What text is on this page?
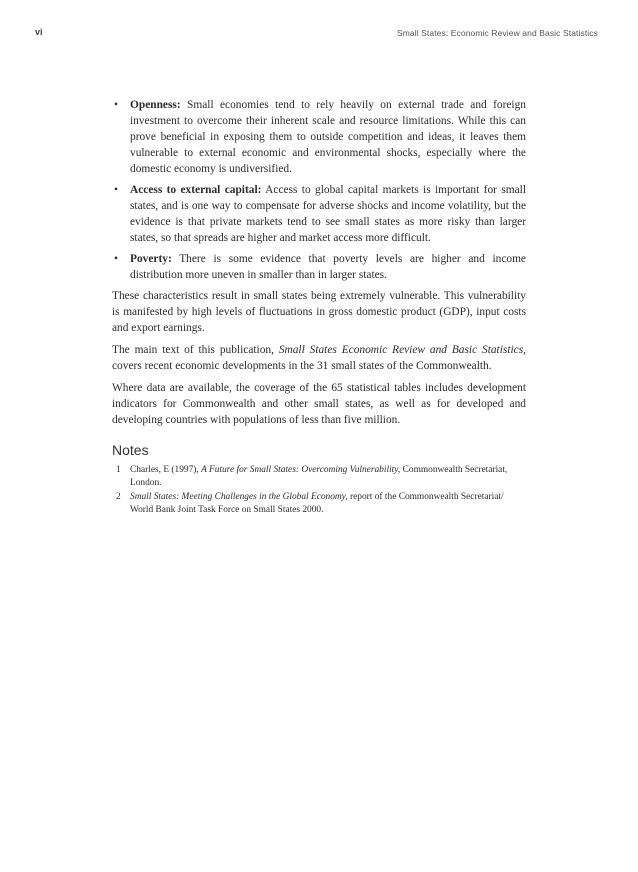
vi	Small States: Economic Review and Basic Statistics
• Openness: Small economies tend to rely heavily on external trade and foreign investment to overcome their inherent scale and resource limitations. While this can prove beneficial in exposing them to outside competition and ideas, it leaves them vulnerable to external economic and environmental shocks, especially where the domestic economy is undiversified.
• Access to external capital: Access to global capital markets is important for small states, and is one way to compensate for adverse shocks and income volatility, but the evidence is that private markets tend to see small states as more risky than larger states, so that spreads are higher and market access more difficult.
• Poverty: There is some evidence that poverty levels are higher and income distribution more uneven in smaller than in larger states.

These characteristics result in small states being extremely vulnerable. This vulnerability is manifested by high levels of fluctuations in gross domestic product (GDP), input costs and export earnings.

The main text of this publication, Small States Economic Review and Basic Statistics, covers recent economic developments in the 31 small states of the Commonwealth.

Where data are available, the coverage of the 65 statistical tables includes development indicators for Commonwealth and other small states, as well as for developed and developing countries with populations of less than five million.

Notes
1 Charles, E (1997), A Future for Small States: Overcoming Vulnerability, Commonwealth Secretariat, London.
2 Small States: Meeting Challenges in the Global Economy, report of the Commonwealth Secretariat/ World Bank Joint Task Force on Small States 2000.
